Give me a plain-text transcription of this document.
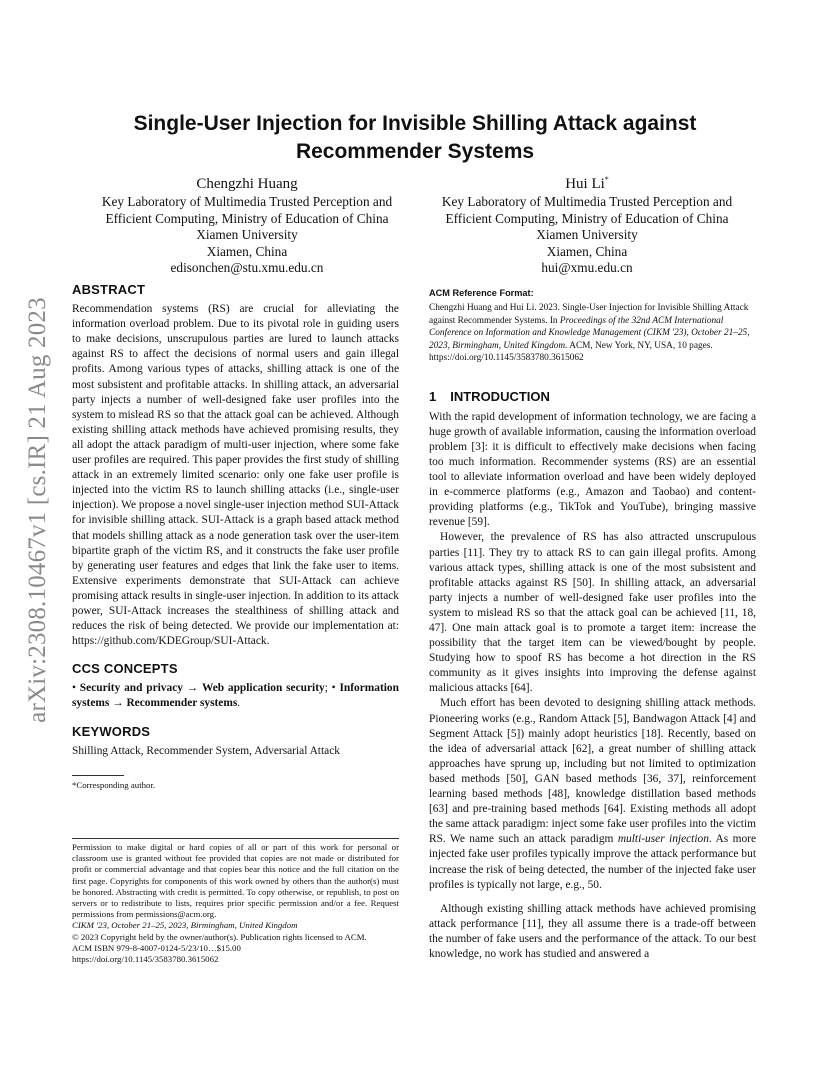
arXiv:2308.10467v1 [cs.IR] 21 Aug 2023
Single-User Injection for Invisible Shilling Attack against Recommender Systems
Chengzhi Huang
Key Laboratory of Multimedia Trusted Perception and
Efficient Computing, Ministry of Education of China
Xiamen University
Xiamen, China
edisonchen@stu.xmu.edu.cn
Hui Li*
Key Laboratory of Multimedia Trusted Perception and
Efficient Computing, Ministry of Education of China
Xiamen University
Xiamen, China
hui@xmu.edu.cn
ABSTRACT

Recommendation systems (RS) are crucial for alleviating the information overload problem. Due to its pivotal role in guiding users to make decisions, unscrupulous parties are lured to launch attacks against RS to affect the decisions of normal users and gain illegal profits. Among various types of attacks, shilling attack is one of the most subsistent and profitable attacks. In shilling attack, an adversarial party injects a number of well-designed fake user profiles into the system to mislead RS so that the attack goal can be achieved. Although existing shilling attack methods have achieved promising results, they all adopt the attack paradigm of multi-user injection, where some fake user profiles are required. This paper provides the first study of shilling attack in an extremely limited scenario: only one fake user profile is injected into the victim RS to launch shilling attacks (i.e., single-user injection). We propose a novel single-user injection method SUI-Attack for invisible shilling attack. SUI-Attack is a graph based attack method that models shilling attack as a node generation task over the user-item bipartite graph of the victim RS, and it constructs the fake user profile by generating user features and edges that link the fake user to items. Extensive experiments demonstrate that SUI-Attack can achieve promising attack results in single-user injection. In addition to its attack power, SUI-Attack increases the stealthiness of shilling attack and reduces the risk of being detected. We provide our implementation at: https://github.com/KDEGroup/SUI-Attack.

CCS CONCEPTS
• Security and privacy → Web application security; • Information systems → Recommender systems.
KEYWORDS

Shilling Attack, Recommender System, Adversarial Attack

*Corresponding author.
Permission to make digital or hard copies of all or part of this work for personal or classroom use is granted without fee provided that copies are not made or distributed for profit or commercial advantage and that copies bear this notice and the full citation on the first page. Copyrights for components of this work owned by others than the author(s) must be honored. Abstracting with credit is permitted. To copy otherwise, or republish, to post on servers or to redistribute to lists, requires prior specific permission and/or a fee. Request permissions from permissions@acm.org.
CIKM '23, October 21–25, 2023, Birmingham, United Kingdom
© 2023 Copyright held by the owner/author(s). Publication rights licensed to ACM.
ACM ISBN 979-8-4007-0124-5/23/10…$15.00
https://doi.org/10.1145/3583780.3615062
ACM Reference Format:
Chengzhi Huang and Hui Li. 2023. Single-User Injection for Invisible Shilling Attack against Recommender Systems. In Proceedings of the 32nd ACM International Conference on Information and Knowledge Management (CIKM '23), October 21–25, 2023, Birmingham, United Kingdom. ACM, New York, NY, USA, 10 pages. https://doi.org/10.1145/3583780.3615062
1 INTRODUCTION

With the rapid development of information technology, we are facing a huge growth of available information, causing the information overload problem [3]: it is difficult to effectively make decisions when facing too much information. Recommender systems (RS) are an essential tool to alleviate information overload and have been widely deployed in e-commerce platforms (e.g., Amazon and Taobao) and content-providing platforms (e.g., TikTok and YouTube), bringing massive revenue [59].

However, the prevalence of RS has also attracted unscrupulous parties [11]. They try to attack RS to can gain illegal profits. Among various attack types, shilling attack is one of the most subsistent and profitable attacks against RS [50]. In shilling attack, an adversarial party injects a number of well-designed fake user profiles into the system to mislead RS so that the attack goal can be achieved [11, 18, 47]. One main attack goal is to promote a target item: increase the possibility that the target item can be viewed/bought by people. Studying how to spoof RS has become a hot direction in the RS community as it gives insights into improving the defense against malicious attacks [64].

Much effort has been devoted to designing shilling attack methods. Pioneering works (e.g., Random Attack [5], Bandwagon Attack [4] and Segment Attack [5]) mainly adopt heuristics [18]. Recently, based on the idea of adversarial attack [62], a great number of shilling attack approaches have sprung up, including but not limited to optimization based methods [50], GAN based methods [36, 37], reinforcement learning based methods [48], knowledge distillation based methods [63] and pre-training based methods [64]. Existing methods all adopt the same attack paradigm: inject some fake user profiles into the victim RS. We name such an attack paradigm multi-user injection. As more injected fake user profiles typically improve the attack performance but increase the risk of being detected, the number of the injected fake user profiles is typically not large, e.g., 50.

Although existing shilling attack methods have achieved promising attack performance [11], they all assume there is a trade-off between the number of fake users and the performance of the attack. To our best knowledge, no work has studied and answered a
